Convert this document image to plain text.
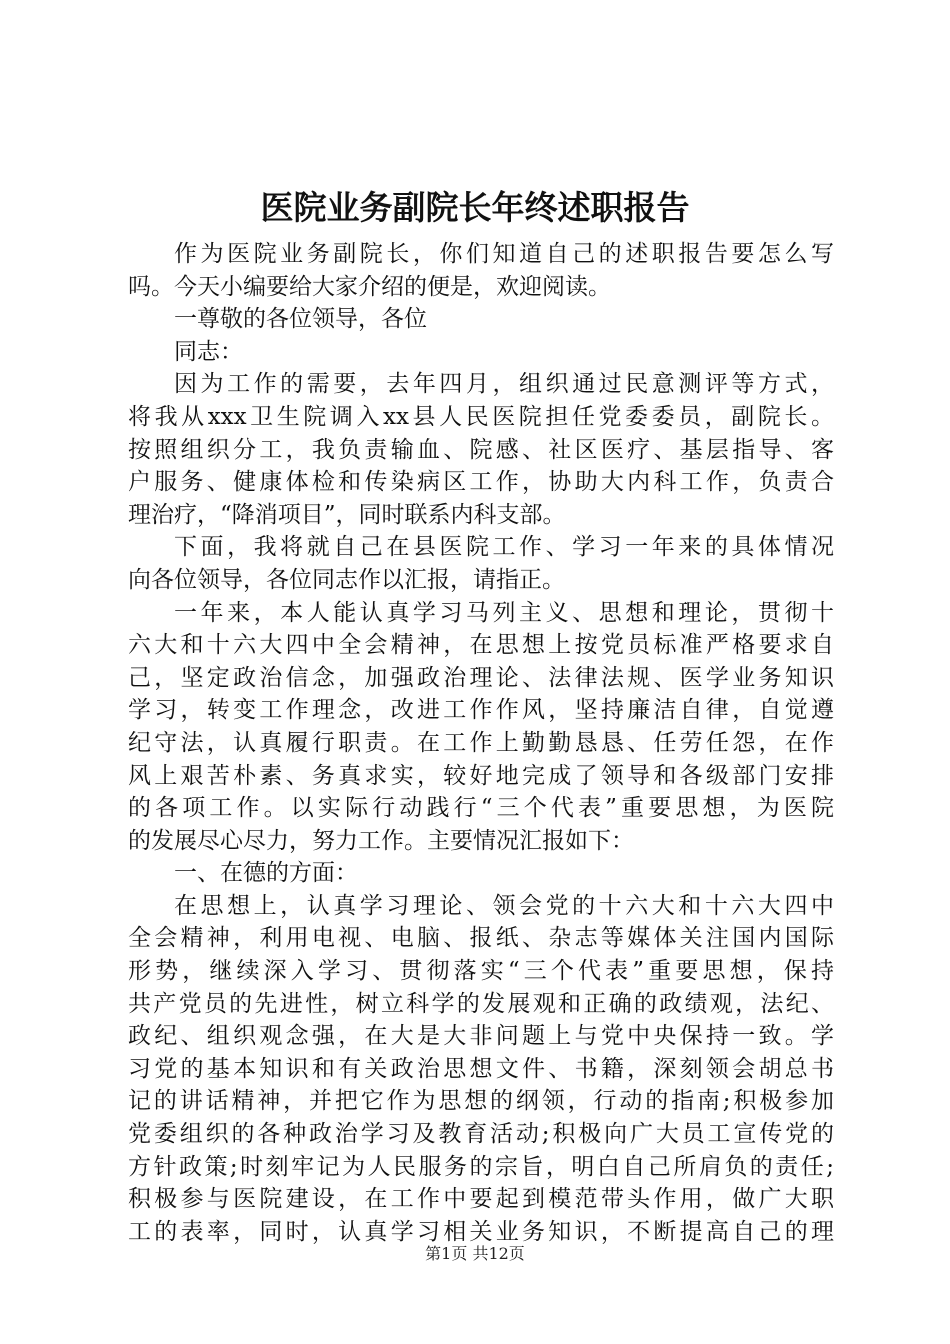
医院业务副院长年终述职报告
作为医院业务副院长，你们知道自己的述职报告要怎么写
吗。今天小编要给大家介绍的便是，欢迎阅读。
一尊敬的各位领导，各位
同志：
因为工作的需要，去年四月，组织通过民意测评等方式，
将我从xxx卫生院调入xx县人民医院担任党委委员，副院长。
按照组织分工，我负责输血、院感、社区医疗、基层指导、客
户服务、健康体检和传染病区工作，协助大内科工作，负责合
理治疗，“降消项目”，同时联系内科支部。
下面，我将就自己在县医院工作、学习一年来的具体情况
向各位领导，各位同志作以汇报，请指正。
一年来，本人能认真学习马列主义、思想和理论，贯彻十
六大和十六大四中全会精神，在思想上按党员标准严格要求自
己，坚定政治信念，加强政治理论、法律法规、医学业务知识
学习，转变工作理念，改进工作作风，坚持廉洁自律，自觉遵
纪守法，认真履行职责。在工作上勤勤恳恳、任劳任怨，在作
风上艰苦朴素、务真求实，较好地完成了领导和各级部门安排
的各项工作。以实际行动践行“三个代表”重要思想，为医院
的发展尽心尽力，努力工作。主要情况汇报如下：
一、在德的方面：
在思想上，认真学习理论、领会党的十六大和十六大四中
全会精神，利用电视、电脑、报纸、杂志等媒体关注国内国际
形势，继续深入学习、贯彻落实“三个代表”重要思想，保持
共产党员的先进性，树立科学的发展观和正确的政绩观，法纪、
政纪、组织观念强，在大是大非问题上与党中央保持一致。学
习党的基本知识和有关政治思想文件、书籍，深刻领会胡总书
记的讲话精神，并把它作为思想的纲领，行动的指南;积极参加
党委组织的各种政治学习及教育活动;积极向广大员工宣传党的
方针政策;时刻牢记为人民服务的宗旨，明白自己所肩负的责任;
积极参与医院建设，在工作中要起到模范带头作用，做广大职
工的表率，同时，认真学习相关业务知识，不断提高自己的理
第1页 共12页
